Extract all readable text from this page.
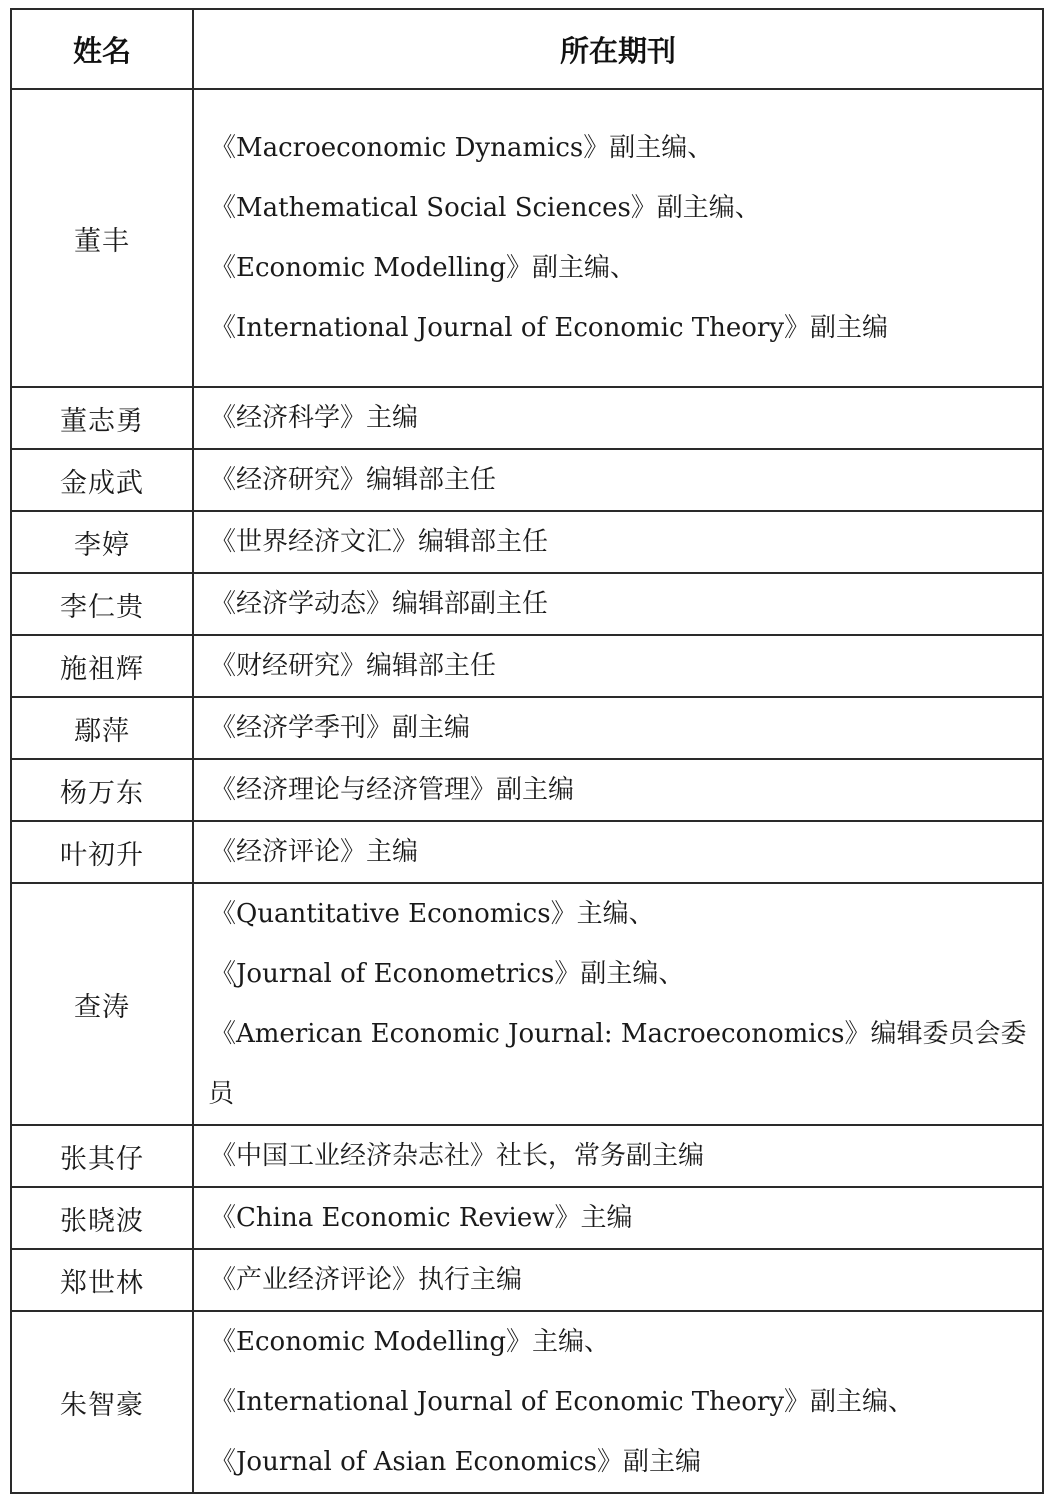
姓名	所在期刊
董丰	《Macroeconomic Dynamics》副主编、
《Mathematical Social Sciences》副主编、
《Economic Modelling》副主编、
《International Journal of Economic Theory》副主编

董志勇	《经济科学》主编

金成武	《经济研究》编辑部主任

李婷	《世界经济文汇》编辑部主任

李仁贵	《经济学动态》编辑部副主任

施祖辉	《财经研究》编辑部主任

鄢萍	《经济学季刊》副主编

杨万东	《经济理论与经济管理》副主编

叶初升	《经济评论》主编

查涛	《Quantitative Economics》主编、
《Journal of Econometrics》副主编、
《American Economic Journal: Macroeconomics》编辑委员会委
员

张其仔	《中国工业经济杂志社》社长，常务副主编

张晓波	《China Economic Review》主编

郑世林	《产业经济评论》执行主编

朱智豪	《Economic Modelling》主编、
《International Journal of Economic Theory》副主编、
《Journal of Asian Economics》副主编
